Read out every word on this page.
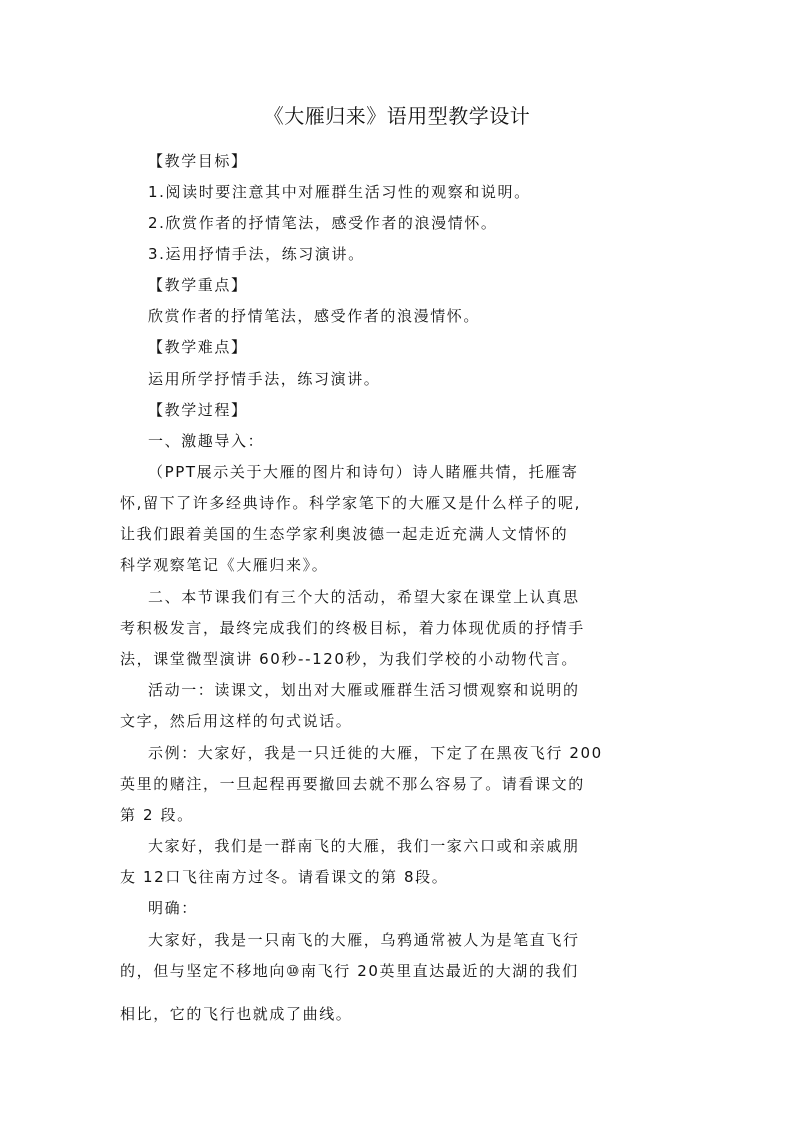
《大雁归来》语用型教学设计

【教学目标】

1.阅读时要注意其中对雁群生活习性的观察和说明。

2.欣赏作者的抒情笔法，感受作者的浪漫情怀。

3.运用抒情手法，练习演讲。

【教学重点】

欣赏作者的抒情笔法，感受作者的浪漫情怀。

【教学难点】

运用所学抒情手法，练习演讲。

【教学过程】

一、激趣导入：

（PPT展示关于大雁的图片和诗句）诗人睹雁共情，托雁寄

怀,留下了许多经典诗作。科学家笔下的大雁又是什么样子的呢,

让我们跟着美国的生态学家利奥波德一起走近充满人文情怀的

科学观察笔记《大雁归来》。

二、本节课我们有三个大的活动，希望大家在课堂上认真思

考积极发言，最终完成我们的终极目标，着力体现优质的抒情手

法，课堂微型演讲 60秒--120秒，为我们学校的小动物代言。

活动一：读课文，划出对大雁或雁群生活习惯观察和说明的

文字，然后用这样的句式说话。

示例：大家好，我是一只迁徙的大雁，下定了在黑夜飞行 200

英里的赌注，一旦起程再要撤回去就不那么容易了。请看课文的

第 2 段。

大家好，我们是一群南飞的大雁，我们一家六口或和亲戚朋

友 12口飞往南方过冬。请看课文的第 8段。

明确：

大家好，我是一只南飞的大雁，乌鸦通常被人为是笔直飞行

的，但与坚定不移地向⑩南飞行 20英里直达最近的大湖的我们

相比，它的飞行也就成了曲线。
